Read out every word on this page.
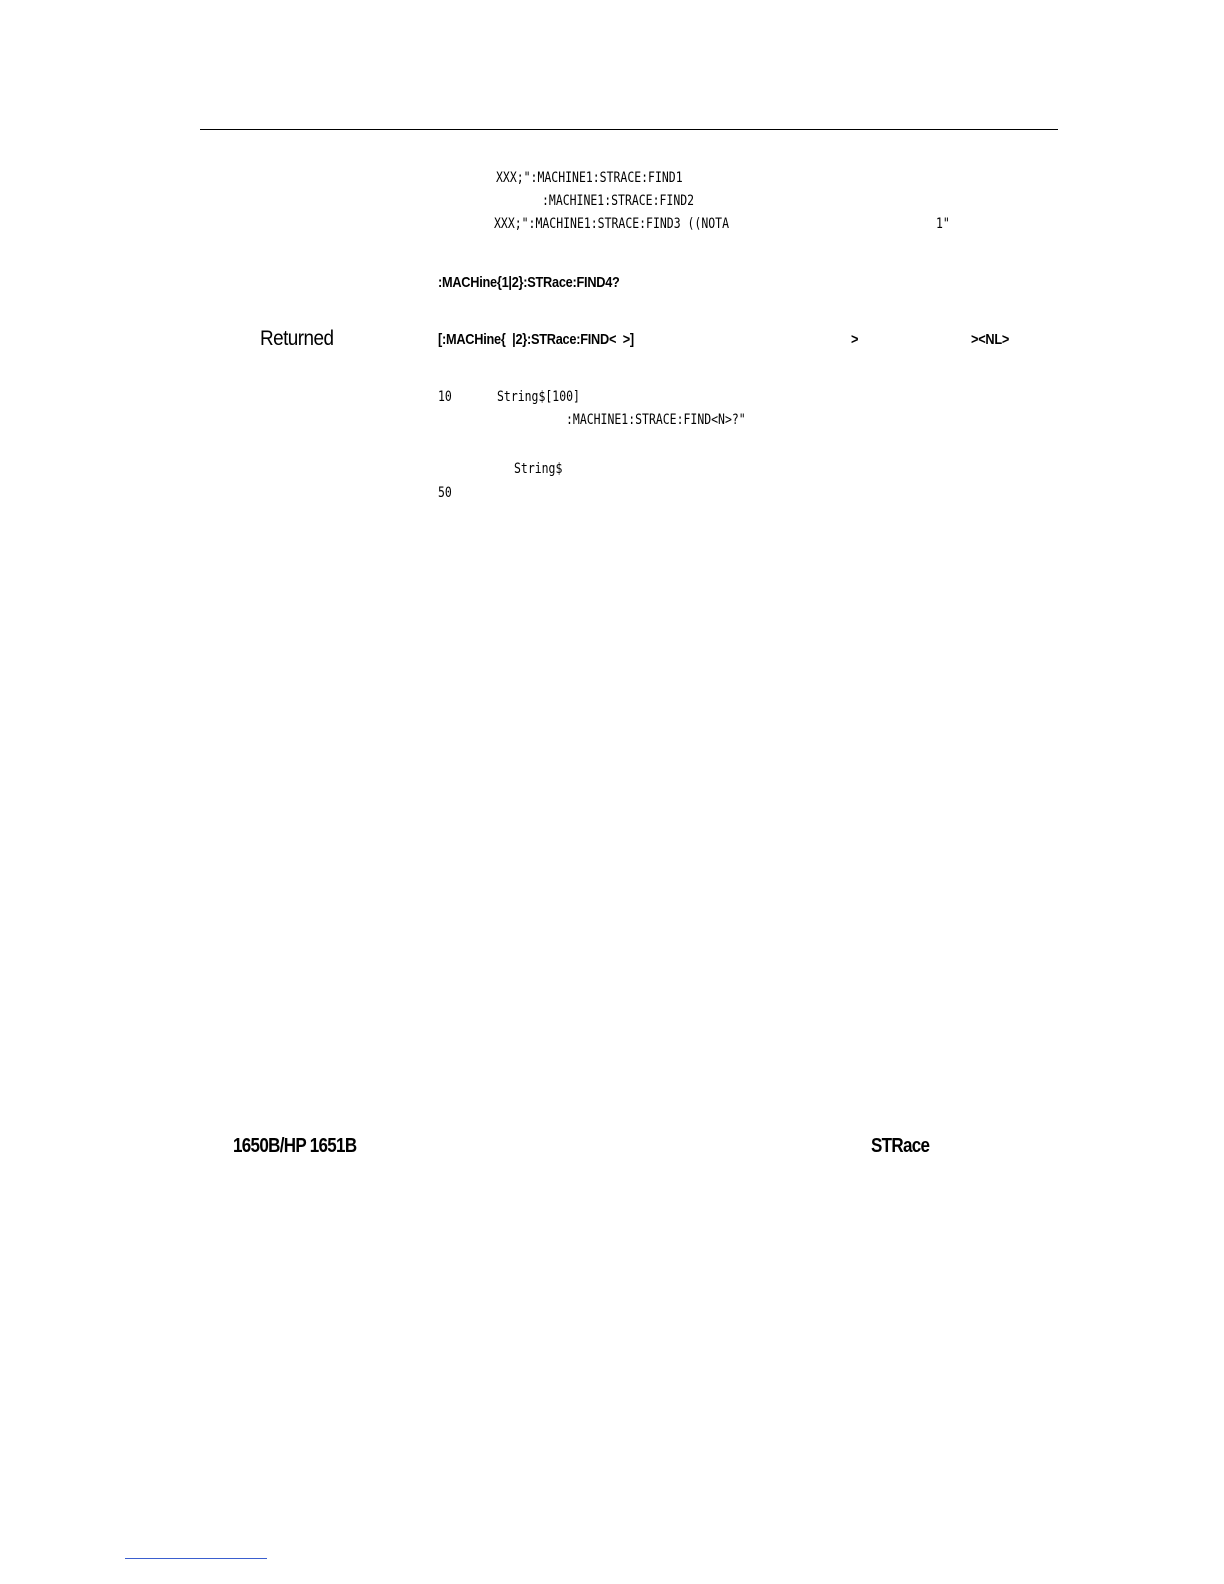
XXX;":MACHINE1:STRACE:FIND1
:MACHINE1:STRACE:FIND2
XXX;":MACHINE1:STRACE:FIND3 ((NOTA	1"
:MACHine{1|2}:STRace:FIND4?
Returned	[:MACHine{  |2}:STRace:FIND<  >]	>	><NL>
10	String$[100]
:MACHINE1:STRACE:FIND<N>?"
String$
50
1650B/HP 1651B	STRace
